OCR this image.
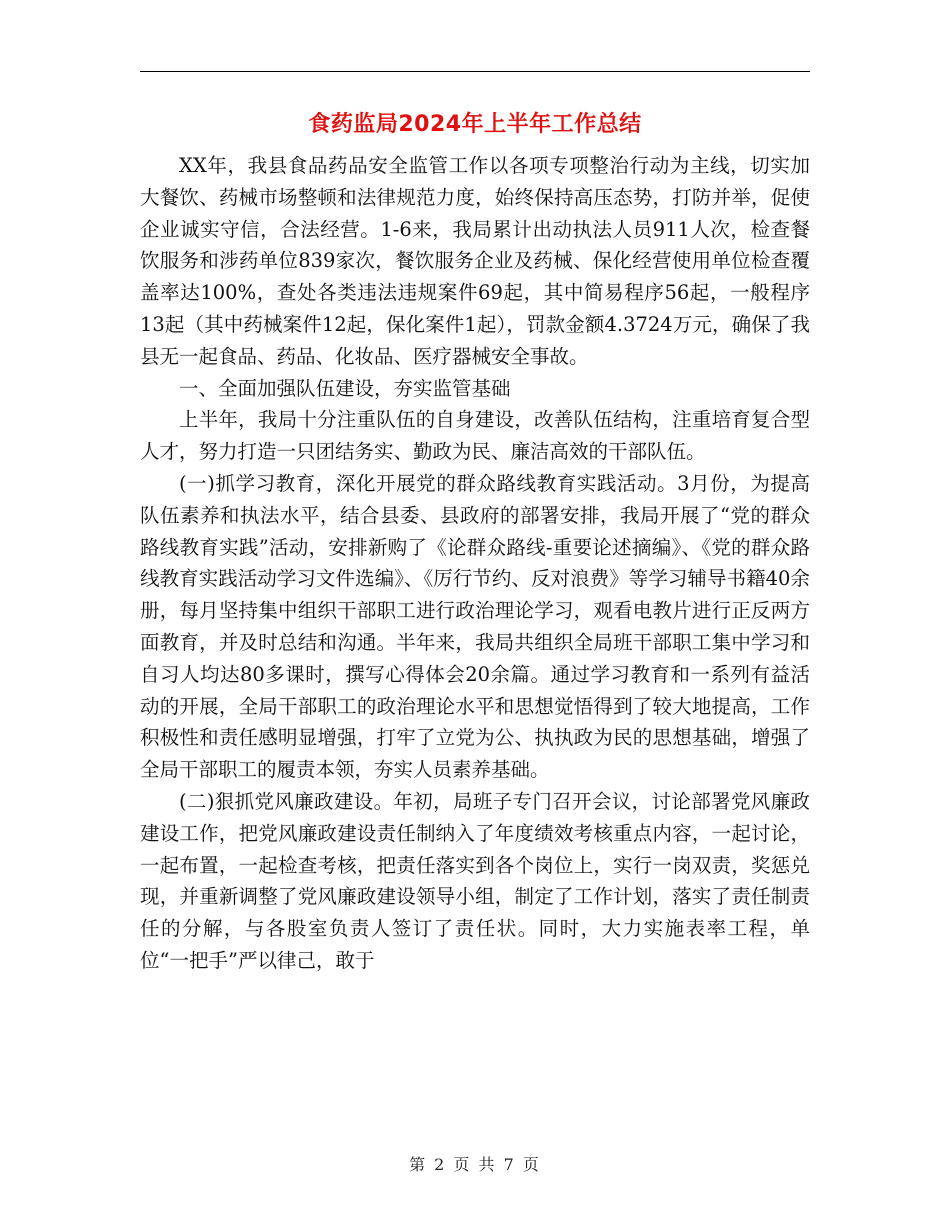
食药监局2024年上半年工作总结

XX年，我县食品药品安全监管工作以各项专项整治行动为主线，切实加大餐饮、药械市场整顿和法律规范力度，始终保持高压态势，打防并举，促使企业诚实守信，合法经营。1-6来，我局累计出动执法人员911人次，检查餐饮服务和涉药单位839家次，餐饮服务企业及药械、保化经营使用单位检查覆盖率达100%，查处各类违法违规案件69起，其中简易程序56起，一般程序13起（其中药械案件12起，保化案件1起），罚款金额4.3724万元，确保了我县无一起食品、药品、化妆品、医疗器械安全事故。

一、全面加强队伍建设，夯实监管基础

上半年，我局十分注重队伍的自身建设，改善队伍结构，注重培育复合型人才，努力打造一只团结务实、勤政为民、廉洁高效的干部队伍。

(一)抓学习教育，深化开展党的群众路线教育实践活动。3月份，为提高队伍素养和执法水平，结合县委、县政府的部署安排，我局开展了“党的群众路线教育实践”活动，安排新购了《论群众路线-重要论述摘编》、《党的群众路线教育实践活动学习文件选编》、《厉行节约、反对浪费》等学习辅导书籍40余册，每月坚持集中组织干部职工进行政治理论学习，观看电教片进行正反两方面教育，并及时总结和沟通。半年来，我局共组织全局班干部职工集中学习和自习人均达80多课时，撰写心得体会20余篇。通过学习教育和一系列有益活动的开展，全局干部职工的政治理论水平和思想觉悟得到了较大地提高，工作积极性和责任感明显增强，打牢了立党为公、执执政为民的思想基础，增强了全局干部职工的履责本领，夯实人员素养基础。

(二)狠抓党风廉政建设。年初，局班子专门召开会议，讨论部署党风廉政建设工作，把党风廉政建设责任制纳入了年度绩效考核重点内容，一起讨论，一起布置，一起检查考核，把责任落实到各个岗位上，实行一岗双责，奖惩兑现，并重新调整了党风廉政建设领导小组，制定了工作计划，落实了责任制责任的分解，与各股室负责人签订了责任状。同时，大力实施表率工程，单位“一把手”严以律己，敢于

第 2 页 共 7 页
